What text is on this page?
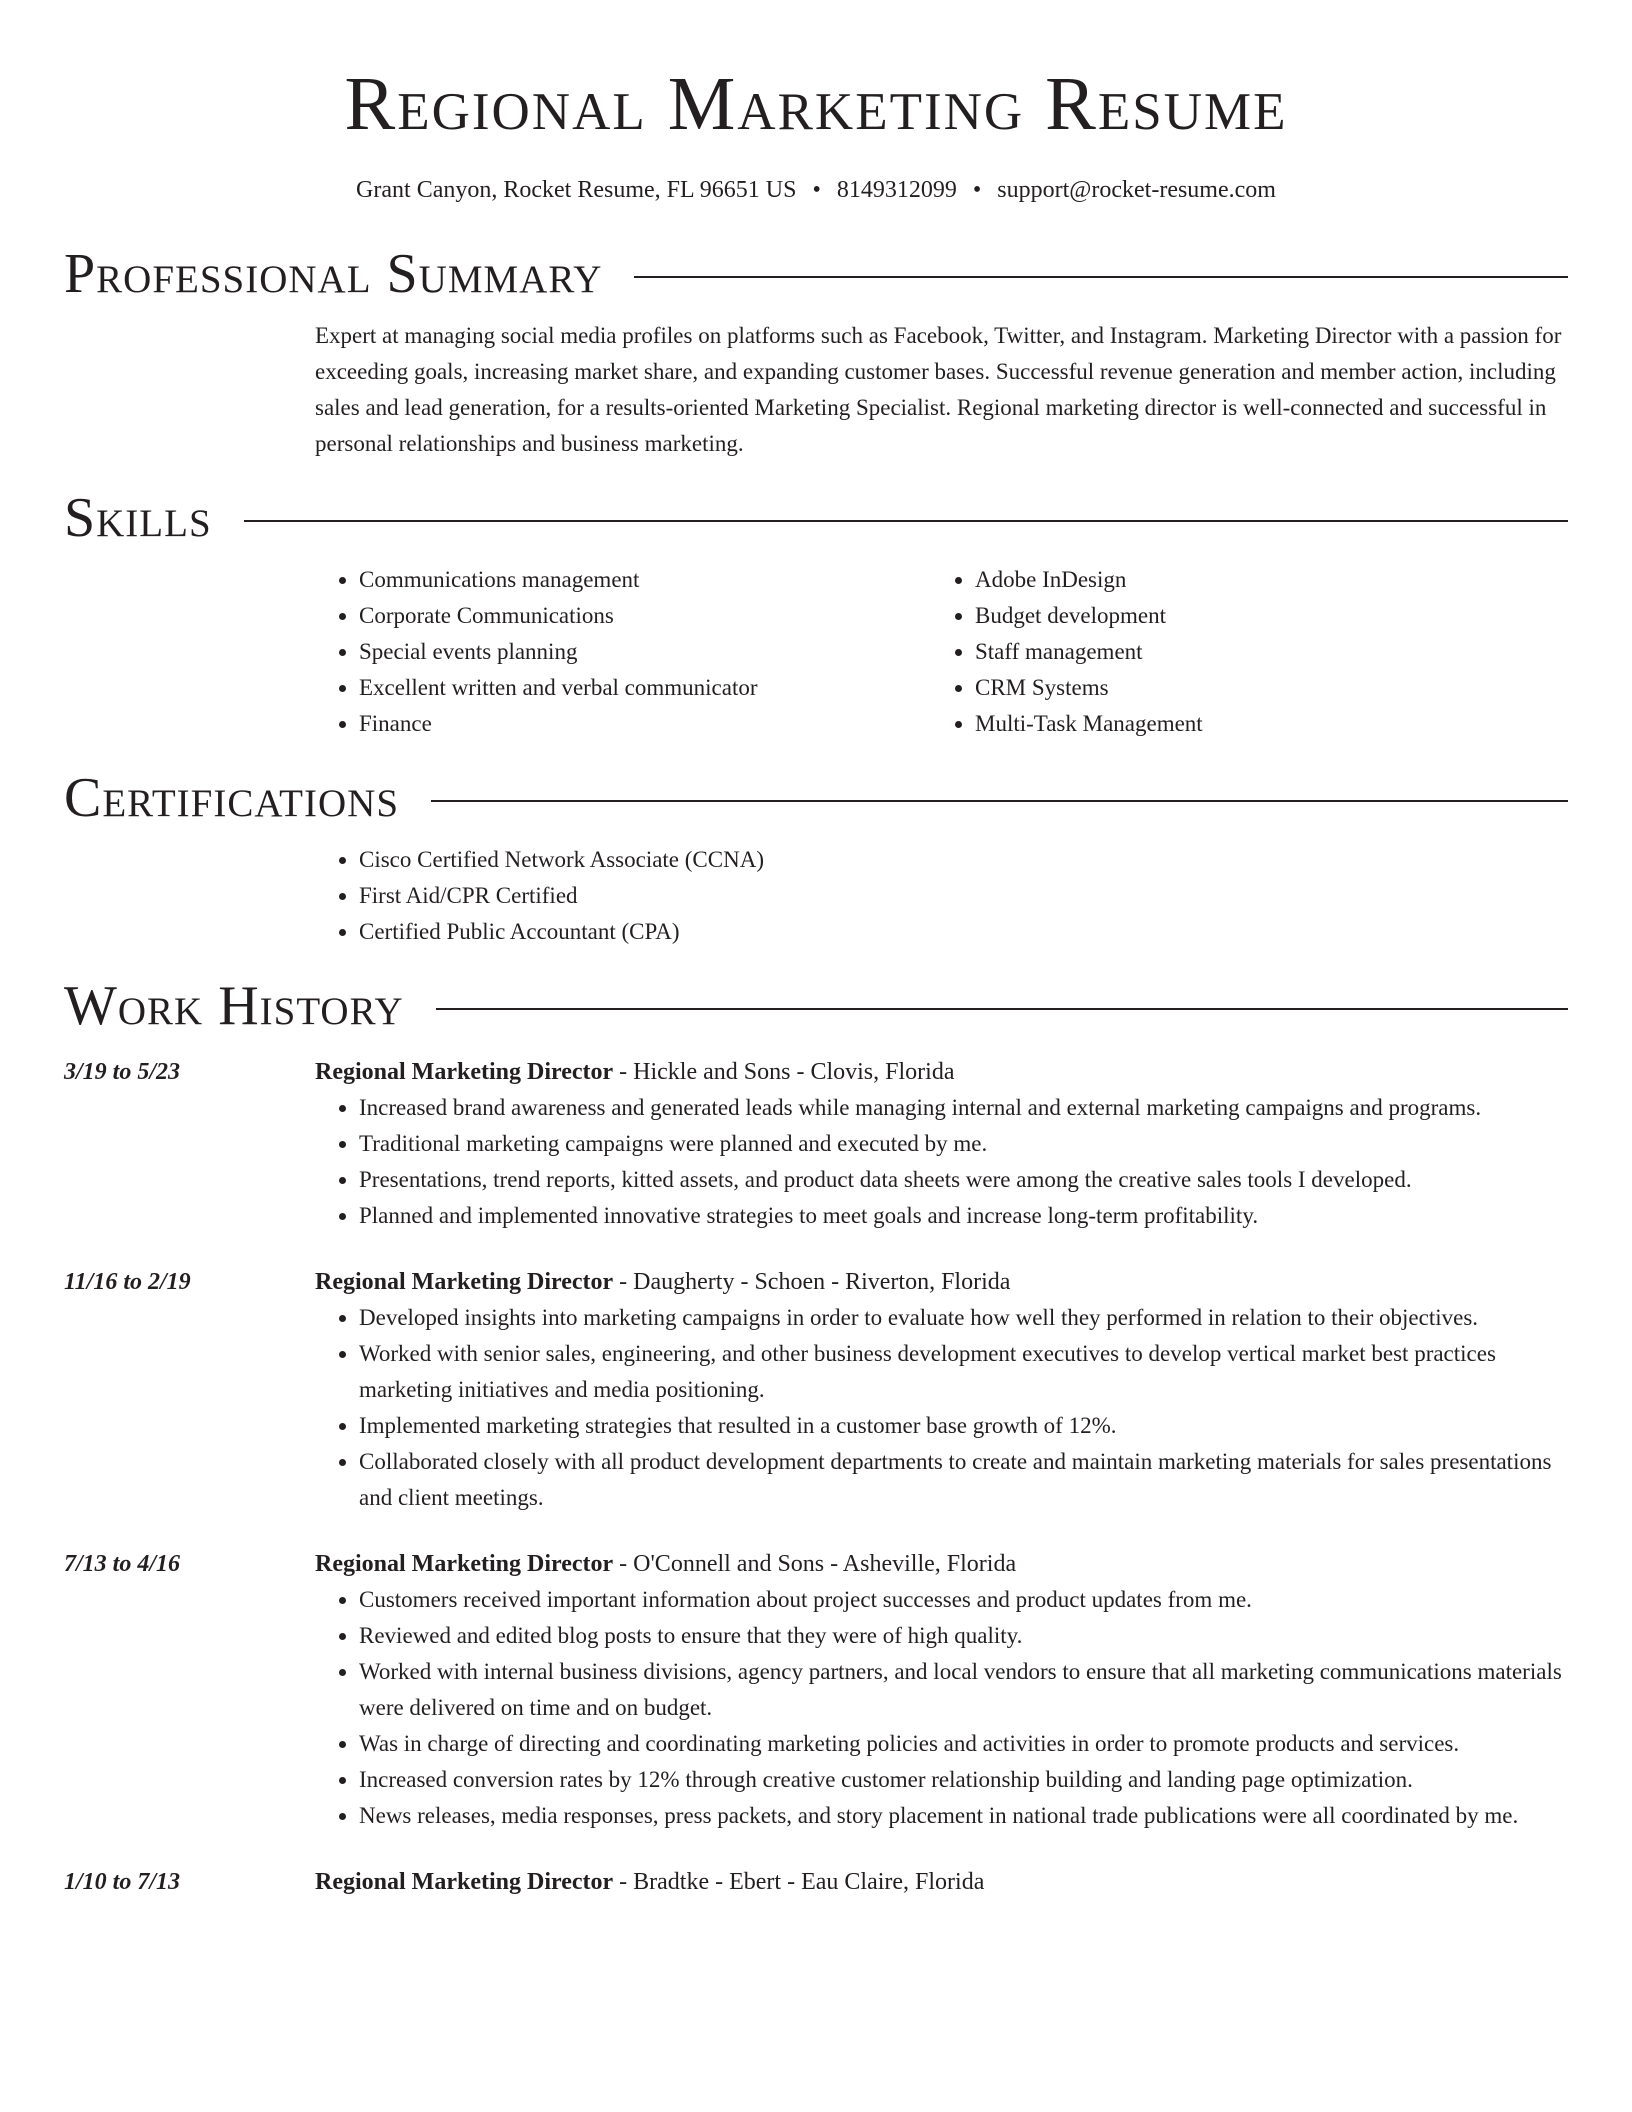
Regional Marketing Resume
Grant Canyon, Rocket Resume, FL 96651 US • 8149312099 • support@rocket-resume.com
Professional Summary

Expert at managing social media profiles on platforms such as Facebook, Twitter, and Instagram. Marketing Director with a passion for exceeding goals, increasing market share, and expanding customer bases. Successful revenue generation and member action, including sales and lead generation, for a results-oriented Marketing Specialist. Regional marketing director is well-connected and successful in personal relationships and business marketing.

Skills
• Communications management
• Corporate Communications
• Special events planning
• Excellent written and verbal communicator
• Finance
• Adobe InDesign
• Budget development
• Staff management
• CRM Systems
• Multi-Task Management
Certifications
• Cisco Certified Network Associate (CCNA)
• First Aid/CPR Certified
• Certified Public Accountant (CPA)
Work History
3/19 to 5/23	Regional Marketing Director - Hickle and Sons - Clovis, Florida
• Increased brand awareness and generated leads while managing internal and external marketing campaigns and programs.
• Traditional marketing campaigns were planned and executed by me.
• Presentations, trend reports, kitted assets, and product data sheets were among the creative sales tools I developed.
• Planned and implemented innovative strategies to meet goals and increase long-term profitability.
11/16 to 2/19	Regional Marketing Director - Daugherty - Schoen - Riverton, Florida
• Developed insights into marketing campaigns in order to evaluate how well they performed in relation to their objectives.
• Worked with senior sales, engineering, and other business development executives to develop vertical market best practices marketing initiatives and media positioning.
• Implemented marketing strategies that resulted in a customer base growth of 12%.
• Collaborated closely with all product development departments to create and maintain marketing materials for sales presentations and client meetings.
7/13 to 4/16	Regional Marketing Director - O'Connell and Sons - Asheville, Florida
• Customers received important information about project successes and product updates from me.
• Reviewed and edited blog posts to ensure that they were of high quality.
• Worked with internal business divisions, agency partners, and local vendors to ensure that all marketing communications materials were delivered on time and on budget.
• Was in charge of directing and coordinating marketing policies and activities in order to promote products and services.
• Increased conversion rates by 12% through creative customer relationship building and landing page optimization.
• News releases, media responses, press packets, and story placement in national trade publications were all coordinated by me.
1/10 to 7/13	Regional Marketing Director - Bradtke - Ebert - Eau Claire, Florida
